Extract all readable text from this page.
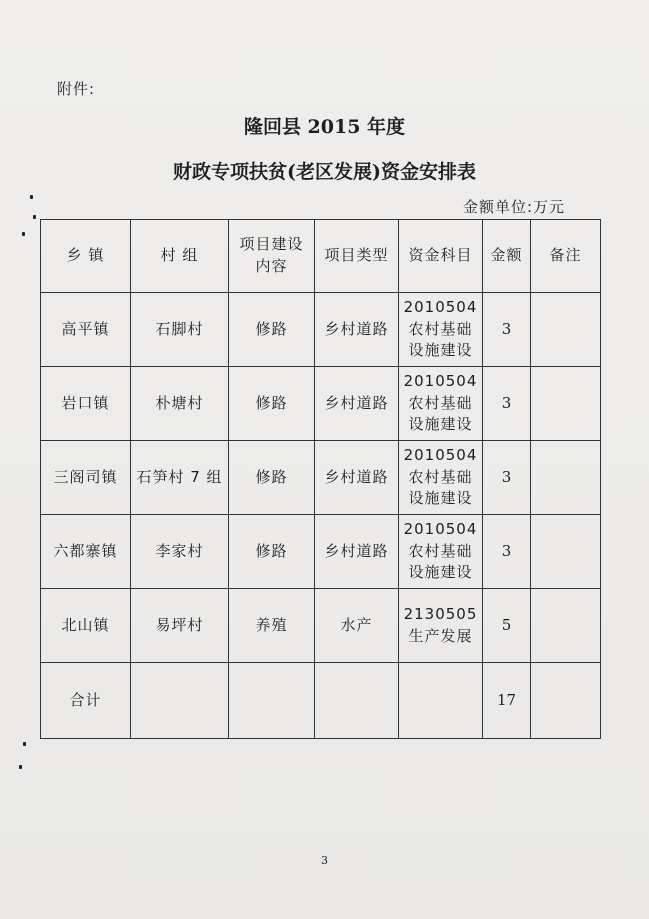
附件:
隆回县 2015 年度
财政专项扶贫(老区发展)资金安排表
金额单位:万元
乡 镇	村 组	项目建设内容	项目类型	资金科目	金额	备注
高平镇	石脚村	修路	乡村道路	2010504
农村基础
设施建设	3	
岩口镇	朴塘村	修路	乡村道路	2010504
农村基础
设施建设	3	
三阁司镇	石笋村 7 组	修路	乡村道路	2010504
农村基础
设施建设	3	
六都寨镇	李家村	修路	乡村道路	2010504
农村基础
设施建设	3	
北山镇	易坪村	养殖	水产	2130505
生产发展	5	
合计					17	
3
